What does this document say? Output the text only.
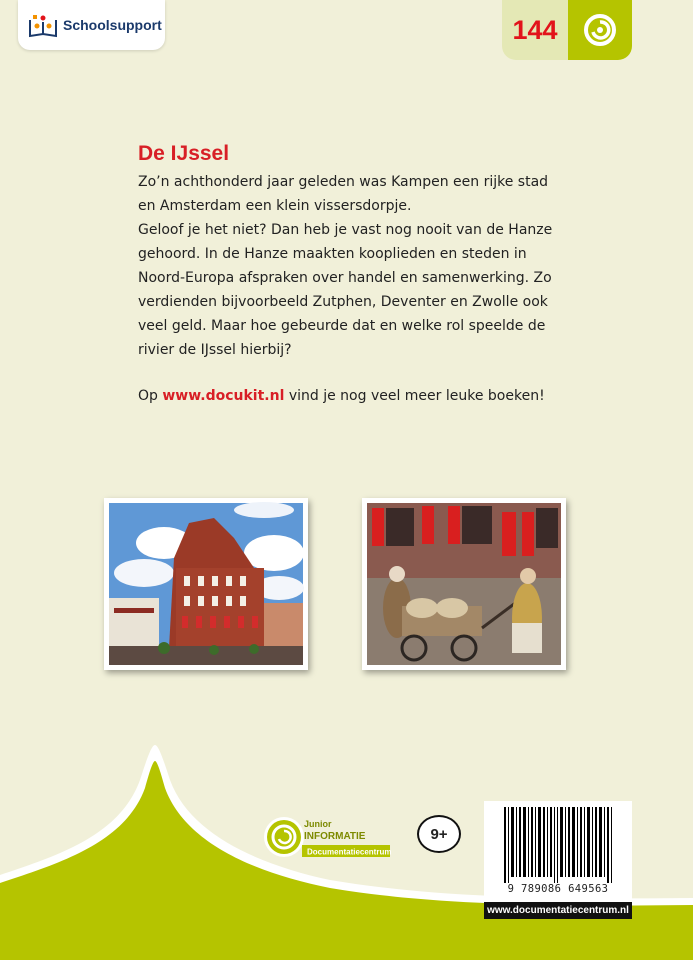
Schoolsupport	144
De IJssel

Zo’n achthonderd jaar geleden was Kampen een rijke stad en Amsterdam een klein vissersdorpje.
Geloof je het niet? Dan heb je vast nog nooit van de Hanze gehoord. In de Hanze maakten kooplieden en steden in Noord-Europa afspraken over handel en samenwerking. Zo verdienden bijvoorbeeld Zutphen, Deventer en Zwolle ook veel geld. Maar hoe gebeurde dat en welke rol speelde de rivier de IJssel hierbij?

Op www.docukit.nl vind je nog veel meer leuke boeken!
Junior
INFORMATIE
Documentatiecentrum
9+
9 789086 649563
www.documentatiecentrum.nl
